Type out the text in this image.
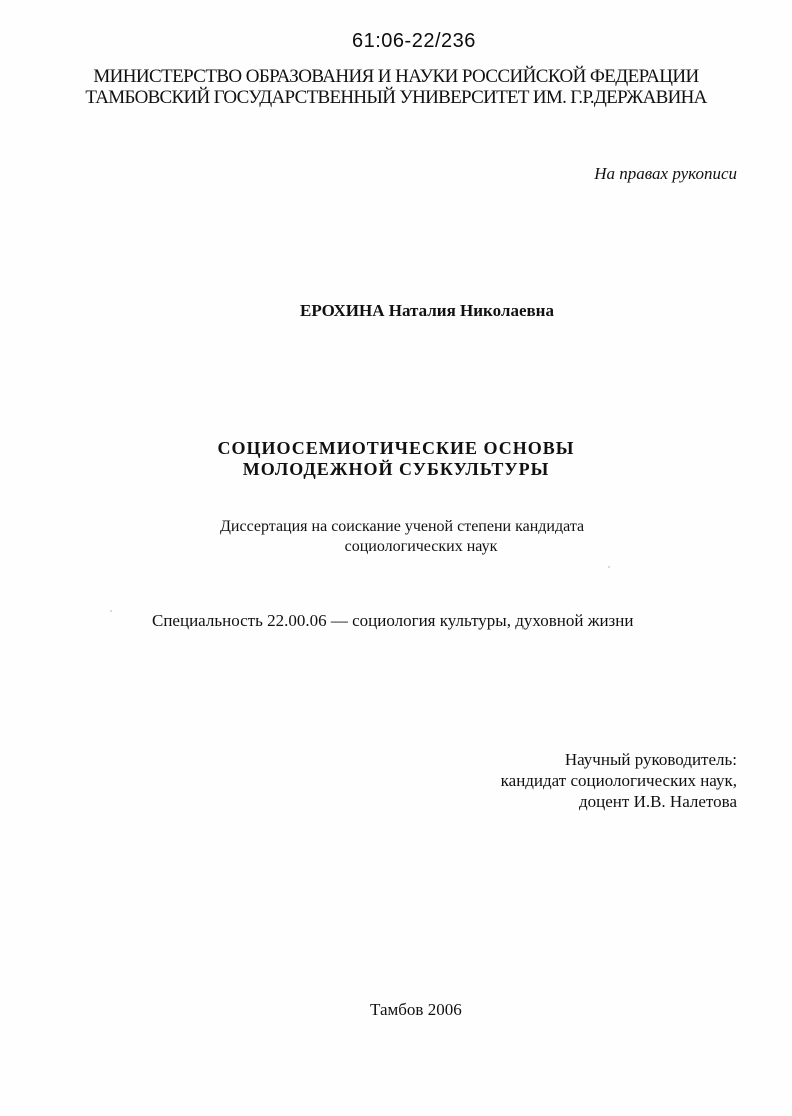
61:06-22/236
МИНИСТЕРСТВО ОБРАЗОВАНИЯ И НАУКИ РОССИЙСКОЙ ФЕДЕРАЦИИ
ТАМБОВСКИЙ ГОСУДАРСТВЕННЫЙ УНИВЕРСИТЕТ ИМ. Г.Р.ДЕРЖАВИНА
На правах рукописи
ЕРОХИНА Наталия Николаевна
СОЦИОСЕМИОТИЧЕСКИЕ ОСНОВЫ
МОЛОДЕЖНОЙ СУБКУЛЬТУРЫ
Диссертация на соискание ученой степени кандидата
социологических наук
Специальность 22.00.06 — социология культуры, духовной жизни
Научный руководитель:
кандидат социологических наук,
доцент И.В. Налетова
Тамбов 2006
